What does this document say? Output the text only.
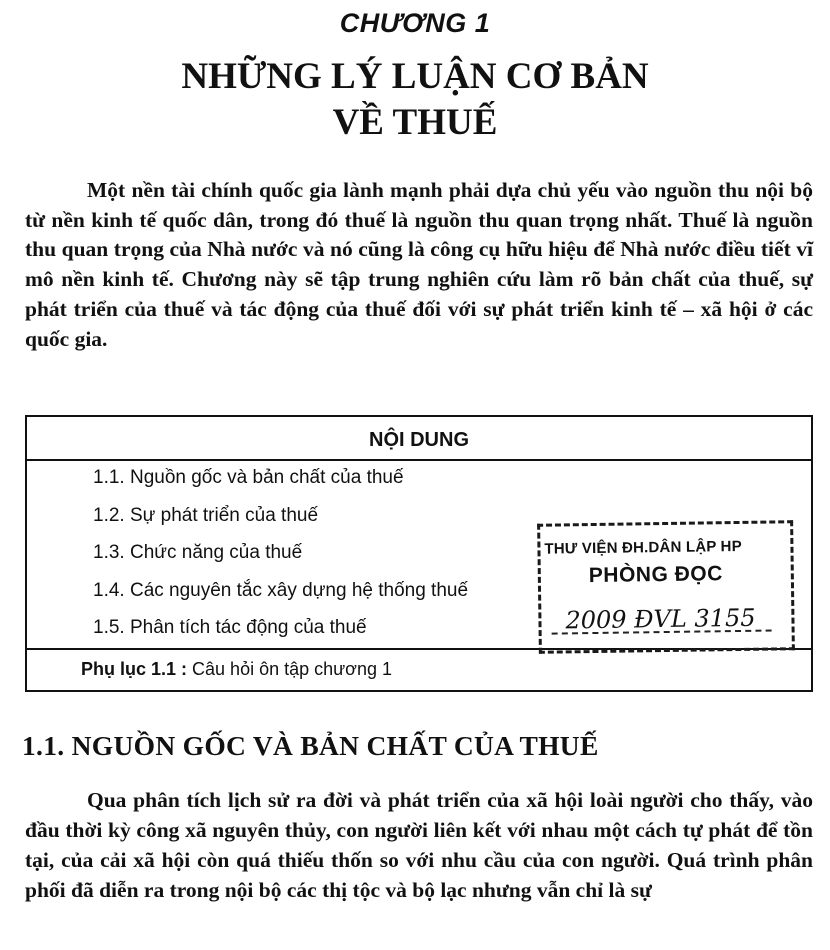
CHƯƠNG 1
NHỮNG LÝ LUẬN CƠ BẢN
VỀ THUẾ

Một nền tài chính quốc gia lành mạnh phải dựa chủ yếu vào nguồn thu nội bộ từ nền kinh tế quốc dân, trong đó thuế là nguồn thu quan trọng nhất. Thuế là nguồn thu quan trọng của Nhà nước và nó cũng là công cụ hữu hiệu để Nhà nước điều tiết vĩ mô nền kinh tế. Chương này sẽ tập trung nghiên cứu làm rõ bản chất của thuế, sự phát triển của thuế và tác động của thuế đối với sự phát triển kinh tế – xã hội ở các quốc gia.

NỘI DUNG
1.1. Nguồn gốc và bản chất của thuế
1.2. Sự phát triển của thuế
1.3. Chức năng của thuế
1.4. Các nguyên tắc xây dựng hệ thống thuế
1.5. Phân tích tác động của thuế
Phụ lục 1.1 : Câu hỏi ôn tập chương 1
THƯ VIỆN ĐH.DÂN LẬP HP
PHÒNG ĐỌC
2009 ĐVL 3155
1.1. NGUỒN GỐC VÀ BẢN CHẤT CỦA THUẾ

Qua phân tích lịch sử ra đời và phát triển của xã hội loài người cho thấy, vào đầu thời kỳ công xã nguyên thủy, con người liên kết với nhau một cách tự phát để tồn tại, của cải xã hội còn quá thiếu thốn so với nhu cầu của con người. Quá trình phân phối đã diễn ra trong nội bộ các thị tộc và bộ lạc nhưng vẫn chỉ là sự
